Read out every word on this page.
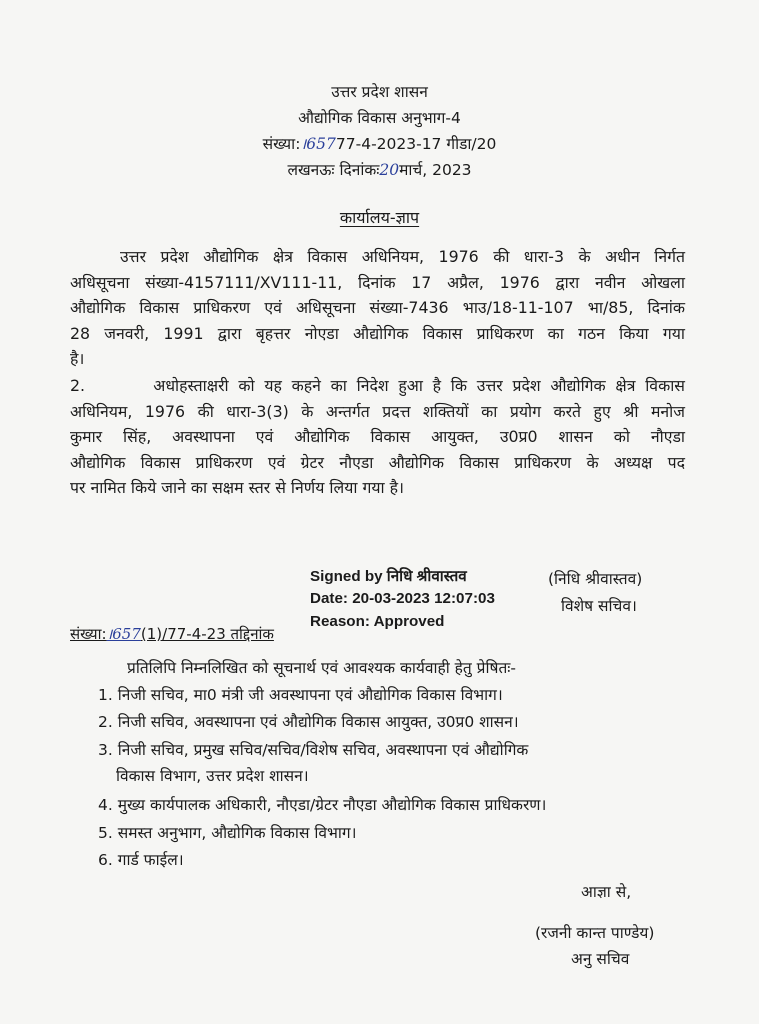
उत्तर प्रदेश शासन
औद्योगिक विकास अनुभाग-4
संख्या:।65777-4-2023-17 गीडा/20
लखनऊः दिनांकः20मार्च, 2023
कार्यालय-ज्ञाप
उत्तर प्रदेश औद्योगिक क्षेत्र विकास अधिनियम, 1976 की धारा-3 के अधीन निर्गत
अधिसूचना संख्या-4157111/XV111-11, दिनांक 17 अप्रैल, 1976 द्वारा नवीन ओखला
औद्योगिक विकास प्राधिकरण एवं अधिसूचना संख्या-7436 भाउ/18-11-107 भा/85, दिनांक
28 जनवरी, 1991 द्वारा बृहत्तर नोएडा औद्योगिक विकास प्राधिकरण का गठन किया गया
है।
2.       अधोहस्ताक्षरी को यह कहने का निदेश हुआ है कि उत्तर प्रदेश औद्योगिक क्षेत्र विकास
अधिनियम, 1976 की धारा-3(3) के अन्तर्गत प्रदत्त शक्तियों का प्रयोग करते हुए श्री मनोज
कुमार सिंह, अवस्थापना एवं औद्योगिक विकास आयुक्त, उ0प्र0 शासन को नौएडा
औद्योगिक विकास प्राधिकरण एवं ग्रेटर नौएडा औद्योगिक विकास प्राधिकरण के अध्यक्ष पद
पर नामित किये जाने का सक्षम स्तर से निर्णय लिया गया है।
Signed by निधि श्रीवास्तव
Date: 20-03-2023 12:07:03
Reason: Approved
(निधि श्रीवास्तव)
विशेष सचिव।
संख्या:।657(1)/77-4-23 तद्दिनांक
प्रतिलिपि निम्नलिखित को सूचनार्थ एवं आवश्यक कार्यवाही हेतु प्रेषितः-
1. निजी सचिव, मा0 मंत्री जी अवस्थापना एवं औद्योगिक विकास विभाग।
2. निजी सचिव, अवस्थापना एवं औद्योगिक विकास आयुक्त, उ0प्र0 शासन।
3. निजी सचिव, प्रमुख सचिव/सचिव/विशेष सचिव, अवस्थापना एवं औद्योगिक
विकास विभाग, उत्तर प्रदेश शासन।
4. मुख्य कार्यपालक अधिकारी, नौएडा/ग्रेटर नौएडा औद्योगिक विकास प्राधिकरण।
5. समस्त अनुभाग, औद्योगिक विकास विभाग।
6. गार्ड फाईल।
आज्ञा से,
(रजनी कान्त पाण्डेय)
अनु सचिव
